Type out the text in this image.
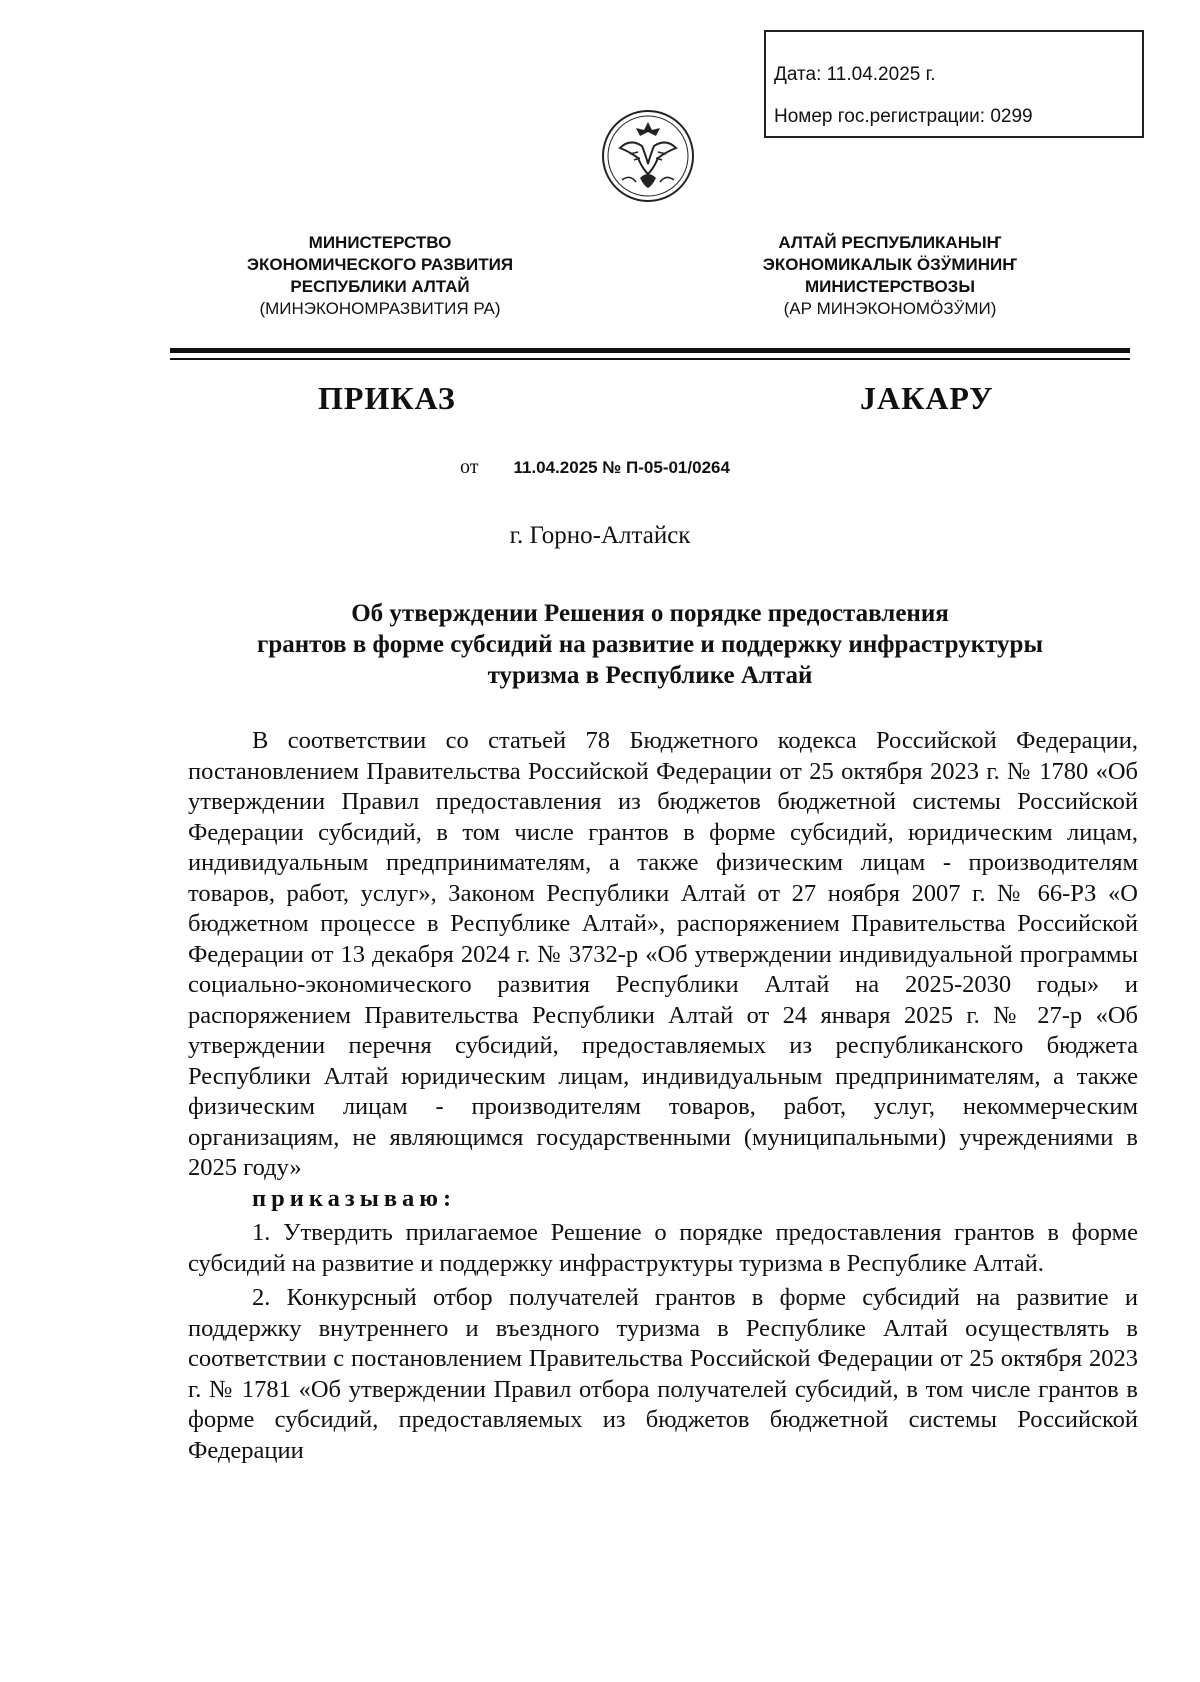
Дата: 11.04.2025 г.
Номер гос.регистрации: 0299
МИНИСТЕРСТВО
ЭКОНОМИЧЕСКОГО РАЗВИТИЯ
РЕСПУБЛИКИ АЛТАЙ
(МИНЭКОНОМРАЗВИТИЯ РА)
АЛТАЙ РЕСПУБЛИКАНЫҤ
ЭКОНОМИКАЛЫК ÖЗӰМИНИҤ
МИНИСТЕРСТВОЗЫ
(АР МИНЭКОНОМÖЗӰМИ)
ПРИКАЗ	JАКАРУ
от 11.04.2025 № П-05-01/0264
г. Горно-Алтайск
Об утверждении Решения о порядке предоставления
грантов в форме субсидий на развитие и поддержку инфраструктуры
туризма в Республике Алтай

В соответствии со статьей 78 Бюджетного кодекса Российской Федерации, постановлением Правительства Российской Федерации от 25 октября 2023 г. № 1780 «Об утверждении Правил предоставления из бюджетов бюджетной системы Российской Федерации субсидий, в том числе грантов в форме субсидий, юридическим лицам, индивидуальным предпринимателям, а также физическим лицам - производителям товаров, работ, услуг», Законом Республики Алтай от 27 ноября 2007 г. № 66-РЗ «О бюджетном процессе в Республике Алтай», распоряжением Правительства Российской Федерации от 13 декабря 2024 г. № 3732-р «Об утверждении индивидуальной программы социально-экономического развития Республики Алтай на 2025-2030 годы» и распоряжением Правительства Республики Алтай от 24 января 2025 г. № 27-р «Об утверждении перечня субсидий, предоставляемых из республиканского бюджета Республики Алтай юридическим лицам, индивидуальным предпринимателям, а также физическим лицам - производителям товаров, работ, услуг, некоммерческим организациям, не являющимся государственными (муниципальными) учреждениями в 2025 году»

приказываю:

1. Утвердить прилагаемое Решение о порядке предоставления грантов в форме субсидий на развитие и поддержку инфраструктуры туризма в Республике Алтай.

2. Конкурсный отбор получателей грантов в форме субсидий на развитие и поддержку внутреннего и въездного туризма в Республике Алтай осуществлять в соответствии с постановлением Правительства Российской Федерации от 25 октября 2023 г. № 1781 «Об утверждении Правил отбора получателей субсидий, в том числе грантов в форме субсидий, предоставляемых из бюджетов бюджетной системы Российской Федерации
